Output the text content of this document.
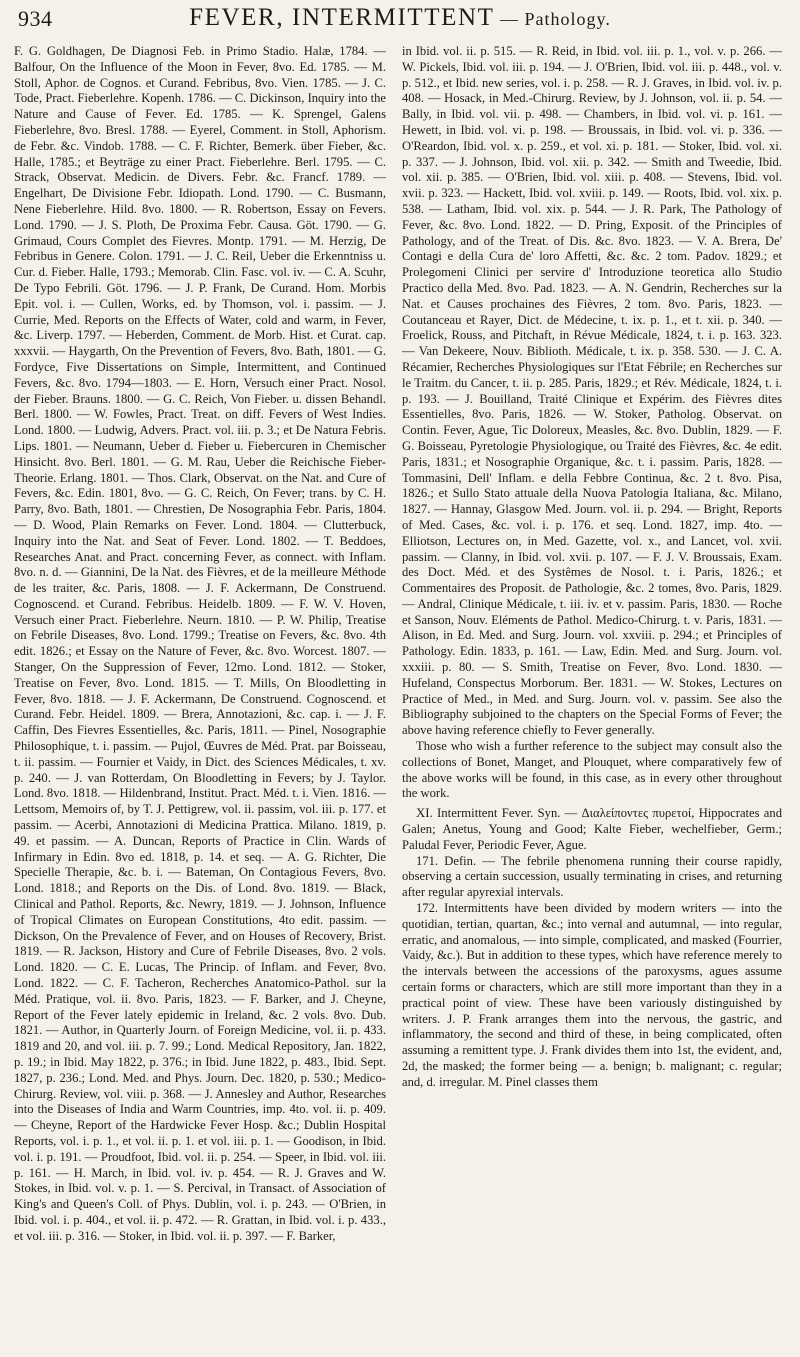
934	FEVER, INTERMITTENT — Pathology.

F. G. Goldhagen, De Diagnosi Feb. in Primo Stadio. Halæ, 1784. — Balfour, On the Influence of the Moon in Fever, 8vo. Ed. 1785. — M. Stoll, Aphor. de Cognos. et Curand. Febribus, 8vo. Vien. 1785. — J. C. Tode, Pract. Fieberlehre. Kopenh. 1786. — C. Dickinson, Inquiry into the Nature and Cause of Fever. Ed. 1785. — K. Sprengel, Galens Fieberlehre, 8vo. Bresl. 1788. — Eyerel, Comment. in Stoll, Aphorism. de Febr. &c. Vindob. 1788. — C. F. Richter, Bemerk. über Fieber, &c. Halle, 1785.; et Beyträge zu einer Pract. Fieberlehre. Berl. 1795. — C. Strack, Observat. Medicin. de Divers. Febr. &c. Francf. 1789. — Engelhart, De Divisione Febr. Idiopath. Lond. 1790. — C. Busmann, Nene Fieberlehre. Hild. 8vo. 1800. — R. Robertson, Essay on Fevers. Lond. 1790. — J. S. Ploth, De Proxima Febr. Causa. Göt. 1790. — G. Grimaud, Cours Complet des Fievres. Montp. 1791. — M. Herzig, De Febribus in Genere. Colon. 1791. — J. C. Reil, Ueber die Erkenntniss u. Cur. d. Fieber. Halle, 1793.; Memorab. Clin. Fasc. vol. iv. — C. A. Scuhr, De Typo Febrili. Göt. 1796. — J. P. Frank, De Curand. Hom. Morbis Epit. vol. i. — Cullen, Works, ed. by Thomson, vol. i. passim. — J. Currie, Med. Reports on the Effects of Water, cold and warm, in Fever, &c. Liverp. 1797. — Heberden, Comment. de Morb. Hist. et Curat. cap. xxxvii. — Haygarth, On the Prevention of Fevers, 8vo. Bath, 1801. — G. Fordyce, Five Dissertations on Simple, Intermittent, and Continued Fevers, &c. 8vo. 1794—1803. — E. Horn, Versuch einer Pract. Nosol. der Fieber. Brauns. 1800. — G. C. Reich, Von Fieber. u. dissen Behandl. Berl. 1800. — W. Fowles, Pract. Treat. on diff. Fevers of West Indies. Lond. 1800. — Ludwig, Advers. Pract. vol. iii. p. 3.; et De Natura Febris. Lips. 1801. — Neumann, Ueber d. Fieber u. Fiebercuren in Chemischer Hinsicht. 8vo. Berl. 1801. — G. M. Rau, Ueber die Reichische Fieber-Theorie. Erlang. 1801. — Thos. Clark, Observat. on the Nat. and Cure of Fevers, &c. Edin. 1801, 8vo. — G. C. Reich, On Fever; trans. by C. H. Parry, 8vo. Bath, 1801. — Chrestien, De Nosographia Febr. Paris, 1804. — D. Wood, Plain Remarks on Fever. Lond. 1804. — Clutterbuck, Inquiry into the Nat. and Seat of Fever. Lond. 1802. — T. Beddoes, Researches Anat. and Pract. concerning Fever, as connect. with Inflam. 8vo. n. d. — Giannini, De la Nat. des Fièvres, et de la meilleure Méthode de les traiter, &c. Paris, 1808. — J. F. Ackermann, De Construend. Cognoscend. et Curand. Febribus. Heidelb. 1809. — F. W. V. Hoven, Versuch einer Pract. Fieberlehre. Neurn. 1810. — P. W. Philip, Treatise on Febrile Diseases, 8vo. Lond. 1799.; Treatise on Fevers, &c. 8vo. 4th edit. 1826.; et Essay on the Nature of Fever, &c. 8vo. Worcest. 1807. — Stanger, On the Suppression of Fever, 12mo. Lond. 1812. — Stoker, Treatise on Fever, 8vo. Lond. 1815. — T. Mills, On Bloodletting in Fever, 8vo. 1818. — J. F. Ackermann, De Construend. Cognoscend. et Curand. Febr. Heidel. 1809. — Brera, Annotazioni, &c. cap. i. — J. F. Caffin, Des Fievres Essentielles, &c. Paris, 1811. — Pinel, Nosographie Philosophique, t. i. passim. — Pujol, Œuvres de Méd. Prat. par Boisseau, t. ii. passim. — Fournier et Vaidy, in Dict. des Sciences Médicales, t. xv. p. 240. — J. van Rotterdam, On Bloodletting in Fevers; by J. Taylor. Lond. 8vo. 1818. — Hildenbrand, Institut. Pract. Méd. t. i. Vien. 1816. — Lettsom, Memoirs of, by T. J. Pettigrew, vol. ii. passim, vol. iii. p. 177. et passim. — Acerbi, Annotazioni di Medicina Prattica. Milano. 1819, p. 49. et passim. — A. Duncan, Reports of Practice in Clin. Wards of Infirmary in Edin. 8vo ed. 1818, p. 14. et seq. — A. G. Richter, Die Specielle Therapie, &c. b. i. — Bateman, On Contagious Fevers, 8vo. Lond. 1818.; and Reports on the Dis. of Lond. 8vo. 1819. — Black, Clinical and Pathol. Reports, &c. Newry, 1819. — J. Johnson, Influence of Tropical Climates on European Constitutions, 4to edit. passim. — Dickson, On the Prevalence of Fever, and on Houses of Recovery, Brist. 1819. — R. Jackson, History and Cure of Febrile Diseases, 8vo. 2 vols. Lond. 1820. — C. E. Lucas, The Princip. of Inflam. and Fever, 8vo. Lond. 1822. — C. F. Tacheron, Recherches Anatomico-Pathol. sur la Méd. Pratique, vol. ii. 8vo. Paris, 1823. — F. Barker, and J. Cheyne, Report of the Fever lately epidemic in Ireland, &c. 2 vols. 8vo. Dub. 1821. — Author, in Quarterly Journ. of Foreign Medicine, vol. ii. p. 433. 1819 and 20, and vol. iii. p. 7. 99.; Lond. Medical Repository, Jan. 1822, p. 19.; in Ibid. May 1822, p. 376.; in Ibid. June 1822, p. 483., Ibid. Sept. 1827, p. 236.; Lond. Med. and Phys. Journ. Dec. 1820, p. 530.; Medico-Chirurg. Review, vol. viii. p. 368. — J. Annesley and Author, Researches into the Diseases of India and Warm Countries, imp. 4to. vol. ii. p. 409. — Cheyne, Report of the Hardwicke Fever Hosp. &c.; Dublin Hospital Reports, vol. i. p. 1., et vol. ii. p. 1. et vol. iii. p. 1. — Goodison, in Ibid. vol. i. p. 191. — Proudfoot, Ibid. vol. ii. p. 254. — Speer, in Ibid. vol. iii. p. 161. — H. March, in Ibid. vol. iv. p. 454. — R. J. Graves and W. Stokes, in Ibid. vol. v. p. 1. — S. Percival, in Transact. of Association of King's and Queen's Coll. of Phys. Dublin, vol. i. p. 243. — O'Brien, in Ibid. vol. i. p. 404., et vol. ii. p. 472. — R. Grattan, in Ibid. vol. i. p. 433., et vol. iii. p. 316. — Stoker, in Ibid. vol. ii. p. 397. — F. Barker,

in Ibid. vol. ii. p. 515. — R. Reid, in Ibid. vol. iii. p. 1., vol. v. p. 266. — W. Pickels, Ibid. vol. iii. p. 194. — J. O'Brien, Ibid. vol. iii. p. 448., vol. v. p. 512., et Ibid. new series, vol. i. p. 258. — R. J. Graves, in Ibid. vol. iv. p. 408. — Hosack, in Med.-Chirurg. Review, by J. Johnson, vol. ii. p. 54. — Bally, in Ibid. vol. vii. p. 498. — Chambers, in Ibid. vol. vi. p. 161. — Hewett, in Ibid. vol. vi. p. 198. — Broussais, in Ibid. vol. vi. p. 336. — O'Reardon, Ibid. vol. x. p. 259., et vol. xi. p. 181. — Stoker, Ibid. vol. xi. p. 337. — J. Johnson, Ibid. vol. xii. p. 342. — Smith and Tweedie, Ibid. vol. xii. p. 385. — O'Brien, Ibid. vol. xiii. p. 408. — Stevens, Ibid. vol. xvii. p. 323. — Hackett, Ibid. vol. xviii. p. 149. — Roots, Ibid. vol. xix. p. 538. — Latham, Ibid. vol. xix. p. 544. — J. R. Park, The Pathology of Fever, &c. 8vo. Lond. 1822. — D. Pring, Exposit. of the Principles of Pathology, and of the Treat. of Dis. &c. 8vo. 1823. — V. A. Brera, De' Contagi e della Cura de' loro Affetti, &c. &c. 2 tom. Padov. 1829.; et Prolegomeni Clinici per servire d' Introduzione teoretica allo Studio Practico della Med. 8vo. Pad. 1823. — A. N. Gendrin, Recherches sur la Nat. et Causes prochaines des Fièvres, 2 tom. 8vo. Paris, 1823. — Coutanceau et Rayer, Dict. de Médecine, t. ix. p. 1., et t. xii. p. 340. — Froelick, Rouss, and Pitchaft, in Révue Médicale, 1824, t. i. p. 163. 323. — Van Dekeere, Nouv. Biblioth. Médicale, t. ix. p. 358. 530. — J. C. A. Récamier, Recherches Physiologiques sur l'Etat Fébrile; en Recherches sur le Traitm. du Cancer, t. ii. p. 285. Paris, 1829.; et Rév. Médicale, 1824, t. i. p. 193. — J. Bouilland, Traité Clinique et Expérim. des Fièvres dites Essentielles, 8vo. Paris, 1826. — W. Stoker, Patholog. Observat. on Contin. Fever, Ague, Tic Doloreux, Measles, &c. 8vo. Dublin, 1829. — F. G. Boisseau, Pyretologie Physiologique, ou Traité des Fièvres, &c. 4e edit. Paris, 1831.; et Nosographie Organique, &c. t. i. passim. Paris, 1828. — Tommasini, Dell' Inflam. e della Febbre Continua, &c. 2 t. 8vo. Pisa, 1826.; et Sullo Stato attuale della Nuova Patologia Italiana, &c. Milano, 1827. — Hannay, Glasgow Med. Journ. vol. ii. p. 294. — Bright, Reports of Med. Cases, &c. vol. i. p. 176. et seq. Lond. 1827, imp. 4to. — Elliotson, Lectures on, in Med. Gazette, vol. x., and Lancet, vol. xvii. passim. — Clanny, in Ibid. vol. xvii. p. 107. — F. J. V. Broussais, Exam. des Doct. Méd. et des Systêmes de Nosol. t. i. Paris, 1826.; et Commentaires des Proposit. de Pathologie, &c. 2 tomes, 8vo. Paris, 1829. — Andral, Clinique Médicale, t. iii. iv. et v. passim. Paris, 1830. — Roche et Sanson, Nouv. Eléments de Pathol. Medico-Chirurg. t. v. Paris, 1831. — Alison, in Ed. Med. and Surg. Journ. vol. xxviii. p. 294.; et Principles of Pathology. Edin. 1833, p. 161. — Law, Edin. Med. and Surg. Journ. vol. xxxiii. p. 80. — S. Smith, Treatise on Fever, 8vo. Lond. 1830. — Hufeland, Conspectus Morborum. Ber. 1831. — W. Stokes, Lectures on Practice of Med., in Med. and Surg. Journ. vol. v. passim. See also the Bibliography subjoined to the chapters on the Special Forms of Fever; the above having reference chiefly to Fever generally.

Those who wish a further reference to the subject may consult also the collections of Bonet, Manget, and Plouquet, where comparatively few of the above works will be found, in this case, as in every other throughout the work.

XI. Intermittent Fever. Syn. — Διαλείποντες πυρετοί, Hippocrates and Galen; Anetus, Young and Good; Kalte Fieber, wechelfieber, Germ.; Paludal Fever, Periodic Fever, Ague.

171. Defin. — The febrile phenomena running their course rapidly, observing a certain succession, usually terminating in crises, and returning after regular apyrexial intervals.

172. Intermittents have been divided by modern writers — into the quotidian, tertian, quartan, &c.; into vernal and autumnal, — into regular, erratic, and anomalous, — into simple, complicated, and masked (Fourrier, Vaidy, &c.). But in addition to these types, which have reference merely to the intervals between the accessions of the paroxysms, agues assume certain forms or characters, which are still more important than they in a practical point of view. These have been variously distinguished by writers. J. P. Frank arranges them into the nervous, the gastric, and inflammatory, the second and third of these, in being complicated, often assuming a remittent type. J. Frank divides them into 1st, the evident, and, 2d, the masked; the former being — a. benign; b. malignant; c. regular; and, d. irregular. M. Pinel classes them
